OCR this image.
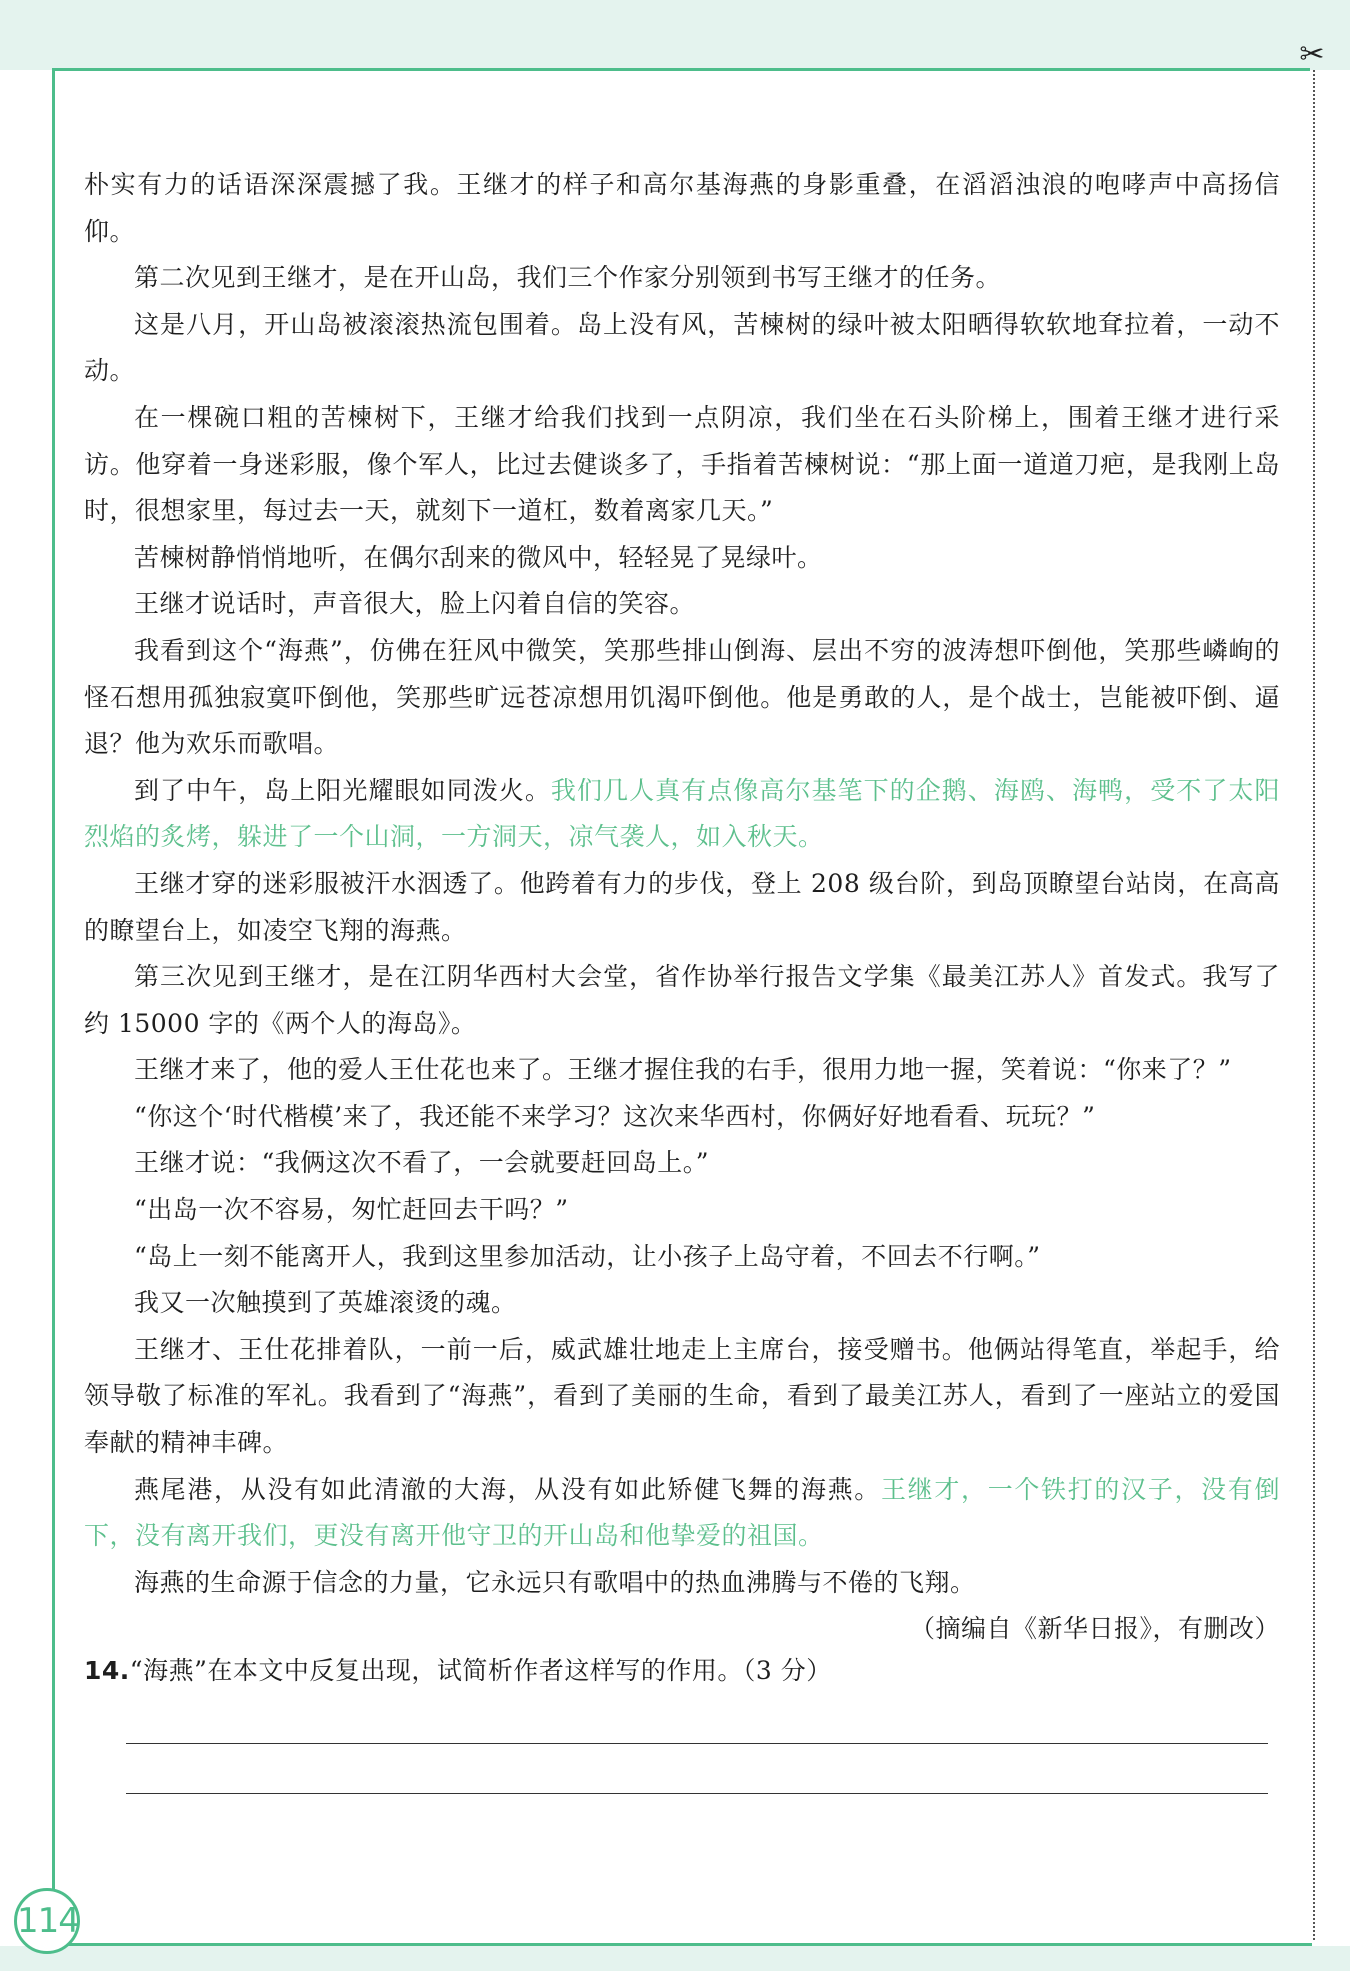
✂

朴实有力的话语深深震撼了我。王继才的样子和高尔基海燕的身影重叠，在滔滔浊浪的咆哮声中高扬信仰。

第二次见到王继才，是在开山岛，我们三个作家分别领到书写王继才的任务。

这是八月，开山岛被滚滚热流包围着。岛上没有风，苦楝树的绿叶被太阳晒得软软地耷拉着，一动不动。

在一棵碗口粗的苦楝树下，王继才给我们找到一点阴凉，我们坐在石头阶梯上，围着王继才进行采访。他穿着一身迷彩服，像个军人，比过去健谈多了，手指着苦楝树说：“那上面一道道刀疤，是我刚上岛时，很想家里，每过去一天，就刻下一道杠，数着离家几天。”

苦楝树静悄悄地听，在偶尔刮来的微风中，轻轻晃了晃绿叶。

王继才说话时，声音很大，脸上闪着自信的笑容。

我看到这个“海燕”，仿佛在狂风中微笑，笑那些排山倒海、层出不穷的波涛想吓倒他，笑那些嶙峋的怪石想用孤独寂寞吓倒他，笑那些旷远苍凉想用饥渴吓倒他。他是勇敢的人，是个战士，岂能被吓倒、逼退？他为欢乐而歌唱。

到了中午，岛上阳光耀眼如同泼火。我们几人真有点像高尔基笔下的企鹅、海鸥、海鸭，受不了太阳烈焰的炙烤，躲进了一个山洞，一方洞天，凉气袭人，如入秋天。

王继才穿的迷彩服被汗水洇透了。他跨着有力的步伐，登上 208 级台阶，到岛顶瞭望台站岗，在高高的瞭望台上，如凌空飞翔的海燕。

第三次见到王继才，是在江阴华西村大会堂，省作协举行报告文学集《最美江苏人》首发式。我写了约 15000 字的《两个人的海岛》。

王继才来了，他的爱人王仕花也来了。王继才握住我的右手，很用力地一握，笑着说：“你来了？”

“你这个‘时代楷模’来了，我还能不来学习？这次来华西村，你俩好好地看看、玩玩？”

王继才说：“我俩这次不看了，一会就要赶回岛上。”

“出岛一次不容易，匆忙赶回去干吗？”

“岛上一刻不能离开人，我到这里参加活动，让小孩子上岛守着，不回去不行啊。”

我又一次触摸到了英雄滚烫的魂。

王继才、王仕花排着队，一前一后，威武雄壮地走上主席台，接受赠书。他俩站得笔直，举起手，给领导敬了标准的军礼。我看到了“海燕”，看到了美丽的生命，看到了最美江苏人，看到了一座站立的爱国奉献的精神丰碑。

燕尾港，从没有如此清澈的大海，从没有如此矫健飞舞的海燕。王继才，一个铁打的汉子，没有倒下，没有离开我们，更没有离开他守卫的开山岛和他挚爱的祖国。

海燕的生命源于信念的力量，它永远只有歌唱中的热血沸腾与不倦的飞翔。

（摘编自《新华日报》，有删改）

14.“海燕”在本文中反复出现，试简析作者这样写的作用。（3 分）
114
